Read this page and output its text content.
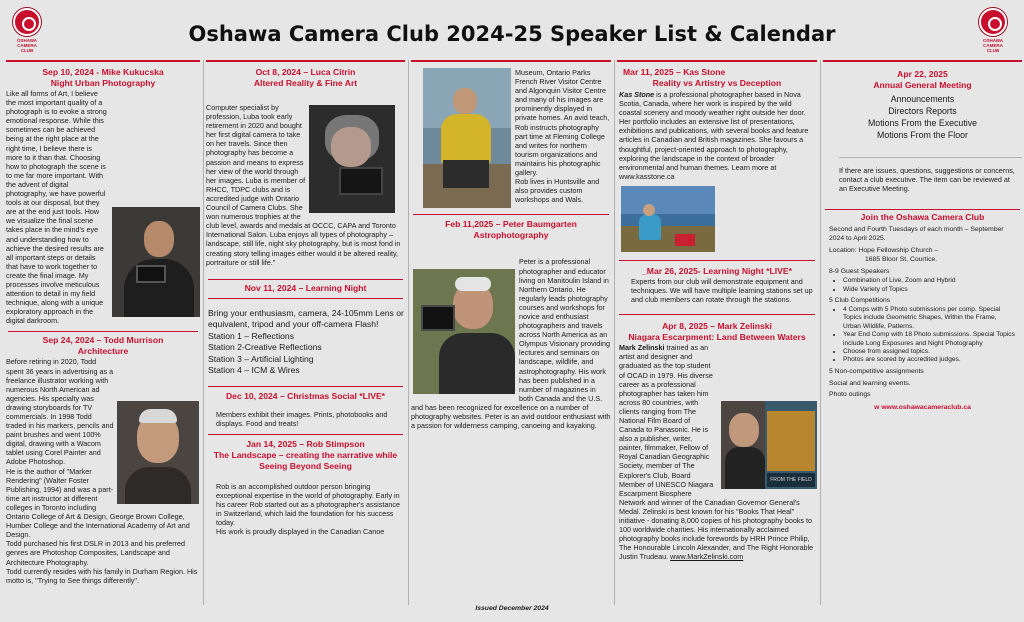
OSHAWA CAMERA CLUB
OSHAWA CAMERA CLUB
Oshawa Camera Club 2024-25 Speaker List & Calendar
Sep 10, 2024 - Mike Kukucska
Night Urban Photography
Like all forms of Art, I believe the most important quality of a photograph is to evoke a strong emotional response. While this sometimes can be achieved being at the right place at the right time, I believe there is more to it than that. Choosing how to photograph the scene is to me far more important. With the advent of digital photography, we have powerful tools at our disposal, but they are at the end just tools. How we visualize the final scene takes place in the mind's eye and understanding how to achieve the desired results are all important steps or details that have to work together to create the final image. My processes involve meticulous attention to detail in my field technique, along with a unique exploratory approach in the digital darkroom.
Sep 24, 2024 – Todd Murrison
Architecture
Before retiring in 2020, Todd spent 36 years in advertising as a freelance illustrator working with numerous North American ad agencies. His specialty was drawing storyboards for TV commercials. In 1998 Todd traded in his markers, pencils and paint brushes and went 100% digital, drawing with a Wacom tablet using Corel Painter and Adobe Photoshop.
He is the author of "Marker Rendering" (Walter Foster Publishing, 1994) and was a part-time art instructor at different colleges in Toronto including Ontario College of Art & Design, George Brown College, Humber College and the International Academy of Art and Design.
Todd purchased his first DSLR in 2013 and his preferred genres are Photoshop Composites, Landscape and Architecture Photography.
Todd currently resides with his family in Durham Region. His motto is, "Trying to See things differently".
Oct 8, 2024 – Luca Citrin
Altered Reality & Fine Art
Computer specialist by profession, Luba took early retirement in 2020 and bought her first digital camera to take on her travels. Since then photography has become a passion and means to express her view of the world through her images. Luba is member of RHCC, TDPC clubs and is accredited judge with Ontario Council of Camera Clubs. She won numerous trophies at the club level, awards and medals at OCCC, CAPA and Toronto International Salon. Luba enjoys all types of photography – landscape, still life, night sky photography, but is most fond in creating story telling images either would it be altered reality, portraiture or still life."
Nov 11, 2024 – Learning Night
Bring your enthusiasm, camera, 24-105mm Lens or equivalent, tripod and your off-camera Flash!
Station 1 – Reflections
Station 2-Creative Reflections
Station 3 – Artificial Lighting
Station 4 – ICM & Wires
Dec 10, 2024 – Christmas Social *LIVE*
Members exhibit their images. Prints, photobooks and displays. Food and treats!
Jan 14, 2025 – Rob Stimpson
The Landscape – creating the narrative while Seeing Beyond Seeing
Rob is an accomplished outdoor person bringing exceptional expertise in the world of photography. Early in his career Rob started out as a photographer's assistance in Switzerland, which laid the foundation for his success today.
His work is proudly displayed in the Canadian Canoe
Museum, Ontario Parks French River Visitor Centre and Algonquin Visitor Centre and many of his images are prominently displayed in private homes. An avid teach, Rob instructs photography part time at Fleming College and writes for northern tourism organizations and maintains his photographic gallery.
Rob lives in Huntsville and also provides custom workshops and Wals.
Feb 11,2025 – Peter Baumgarten
Astrophotography
Peter is a professional photographer and educator living on Manitoulin Island in Northern Ontario. He regularly leads photography courses and workshops for novice and enthusiast photographers and travels across North America as an Olympus Visionary providing lectures and seminars on landscape, wildlife, and astrophotography. His work has been published in a number of magazines in both Canada and the U.S. and has been recognized for excellence on a number of photography websites. Peter is an avid outdoor enthusiast with a passion for wilderness camping, canoeing and kayaking.
Mar 11, 2025 – Kas Stone
Reality vs Artistry vs Deception
Kas Stone is a professional photographer based in Nova Scotia, Canada, where her work is inspired by the wild coastal scenery and moody weather right outside her door. Her portfolio includes an extensive list of presentations, exhibitions and publications, with several books and feature articles in Canadian and British magazines. She favours a thoughtful, project-oriented approach to photography, exploring the landscape in the context of broader environmental and human themes. Learn more at www.kasstone.ca
_Mar 26, 2025- Learning Night *LIVE*
Experts from our club will demonstrate equipment and techniques. We will have multiple learning stations set up and club members can rotate through the stations.
Apr 8, 2025 – Mark Zelinski
Niagara Escarpment: Land Between Waters
FROM THE FIELD
Mark Zelinski trained as an artist and designer and graduated as the top student of OCAD in 1979. His diverse career as a professional photographer has taken him across 80 countries, with clients ranging from The National Film Board of Canada to Panasonic. He is also a publisher, writer, painter, filmmaker, Fellow of Royal Canadian Geographic Society, member of The Explorer's Club, Board Member of UNESCO Niagara Escarpment Biosphere Network and winner of the Canadian Governor General's Medal. Zelinski is best known for his "Books That Heal" initiative - donating 8,000 copies of his photography books to 100 worldwide charities. His internationally acclaimed photography books include forewords by HRH Prince Philip, The Honourable Lincoln Alexander, and The Right Honorable Justin Trudeau. www.MarkZelinski.com
Apr 22, 2025
Annual General Meeting
Announcements
Directors Reports
Motions From the Executive
Motions From the Floor
If there are issues, questions, suggestions or concerns, contact a club executive. The item can be reviewed at an Executive Meeting.
Join the Oshawa Camera Club
Second and Fourth Tuesdays of each month – September 2024 to April 2025.
Location: Hope Fellowship Church –
1685 Bloor St, Courtice.
8-9 Guest Speakers
• Combination of Live, Zoom and Hybrid
• Wide Variety of Topics
5 Club Competitions
• 4 Comps with 5 Photo submissions per comp. Special Topics include Geometric Shapes, Within the Frame, Urban Wildlife, Patterns.
• Year End Comp with 18 Photo submissions. Special Topics include Long Exposures and Night Photography
• Choose from assigned topics.
• Photos are scored by accredited judges.
5 Non-competitive assignments
Social and learning events.
Photo outings
w www.oshawacameraclub.ca
Issued December 2024
